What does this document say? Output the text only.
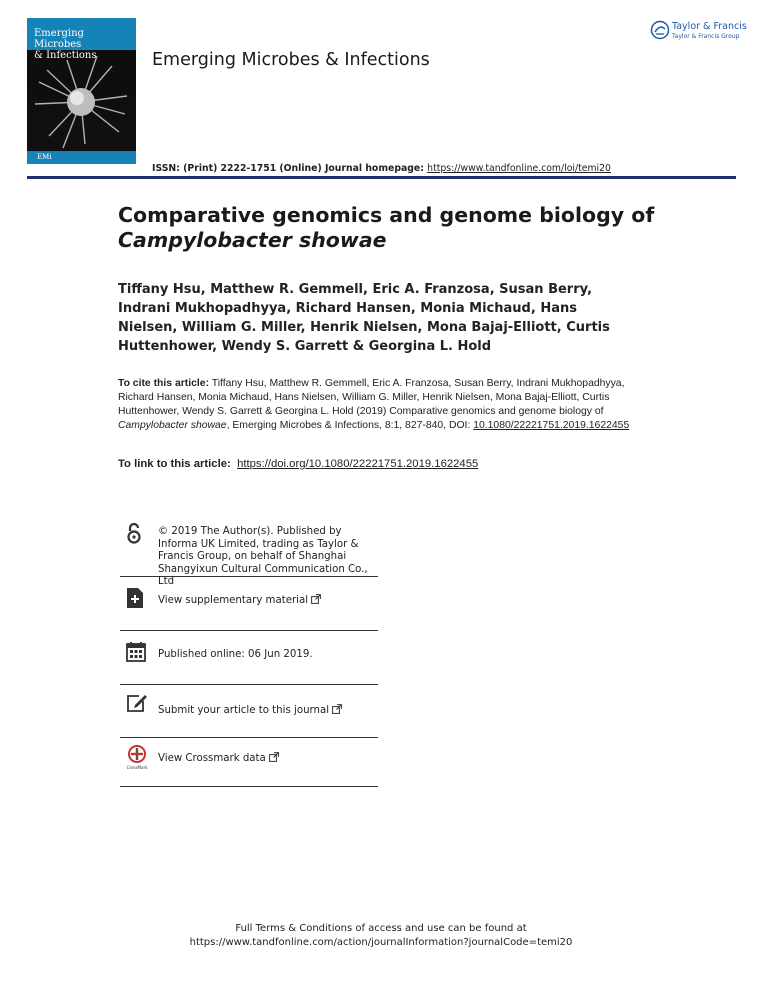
Emerging Microbes
& Infections
EMi
Emerging Microbes & Infections
ISSN: (Print) 2222-1751 (Online) Journal homepage: https://www.tandfonline.com/loi/temi20
Taylor & Francis
Taylor & Francis Group
Comparative genomics and genome biology of
Campylobacter showae
Tiffany Hsu, Matthew R. Gemmell, Eric A. Franzosa, Susan Berry, Indrani Mukhopadhyya, Richard Hansen, Monia Michaud, Hans Nielsen, William G. Miller, Henrik Nielsen, Mona Bajaj-Elliott, Curtis Huttenhower, Wendy S. Garrett & Georgina L. Hold
To cite this article: Tiffany Hsu, Matthew R. Gemmell, Eric A. Franzosa, Susan Berry, Indrani Mukhopadhyya, Richard Hansen, Monia Michaud, Hans Nielsen, William G. Miller, Henrik Nielsen, Mona Bajaj-Elliott, Curtis Huttenhower, Wendy S. Garrett & Georgina L. Hold (2019) Comparative genomics and genome biology of Campylobacter showae, Emerging Microbes & Infections, 8:1, 827-840, DOI: 10.1080/22221751.2019.1622455
To link to this article: https://doi.org/10.1080/22221751.2019.1622455
© 2019 The Author(s). Published by Informa UK Limited, trading as Taylor & Francis Group, on behalf of Shanghai Shangyixun Cultural Communication Co., Ltd
View supplementary material
Published online: 06 Jun 2019.
Submit your article to this journal
CrossMark
View Crossmark data
Full Terms & Conditions of access and use can be found at
https://www.tandfonline.com/action/journalInformation?journalCode=temi20
